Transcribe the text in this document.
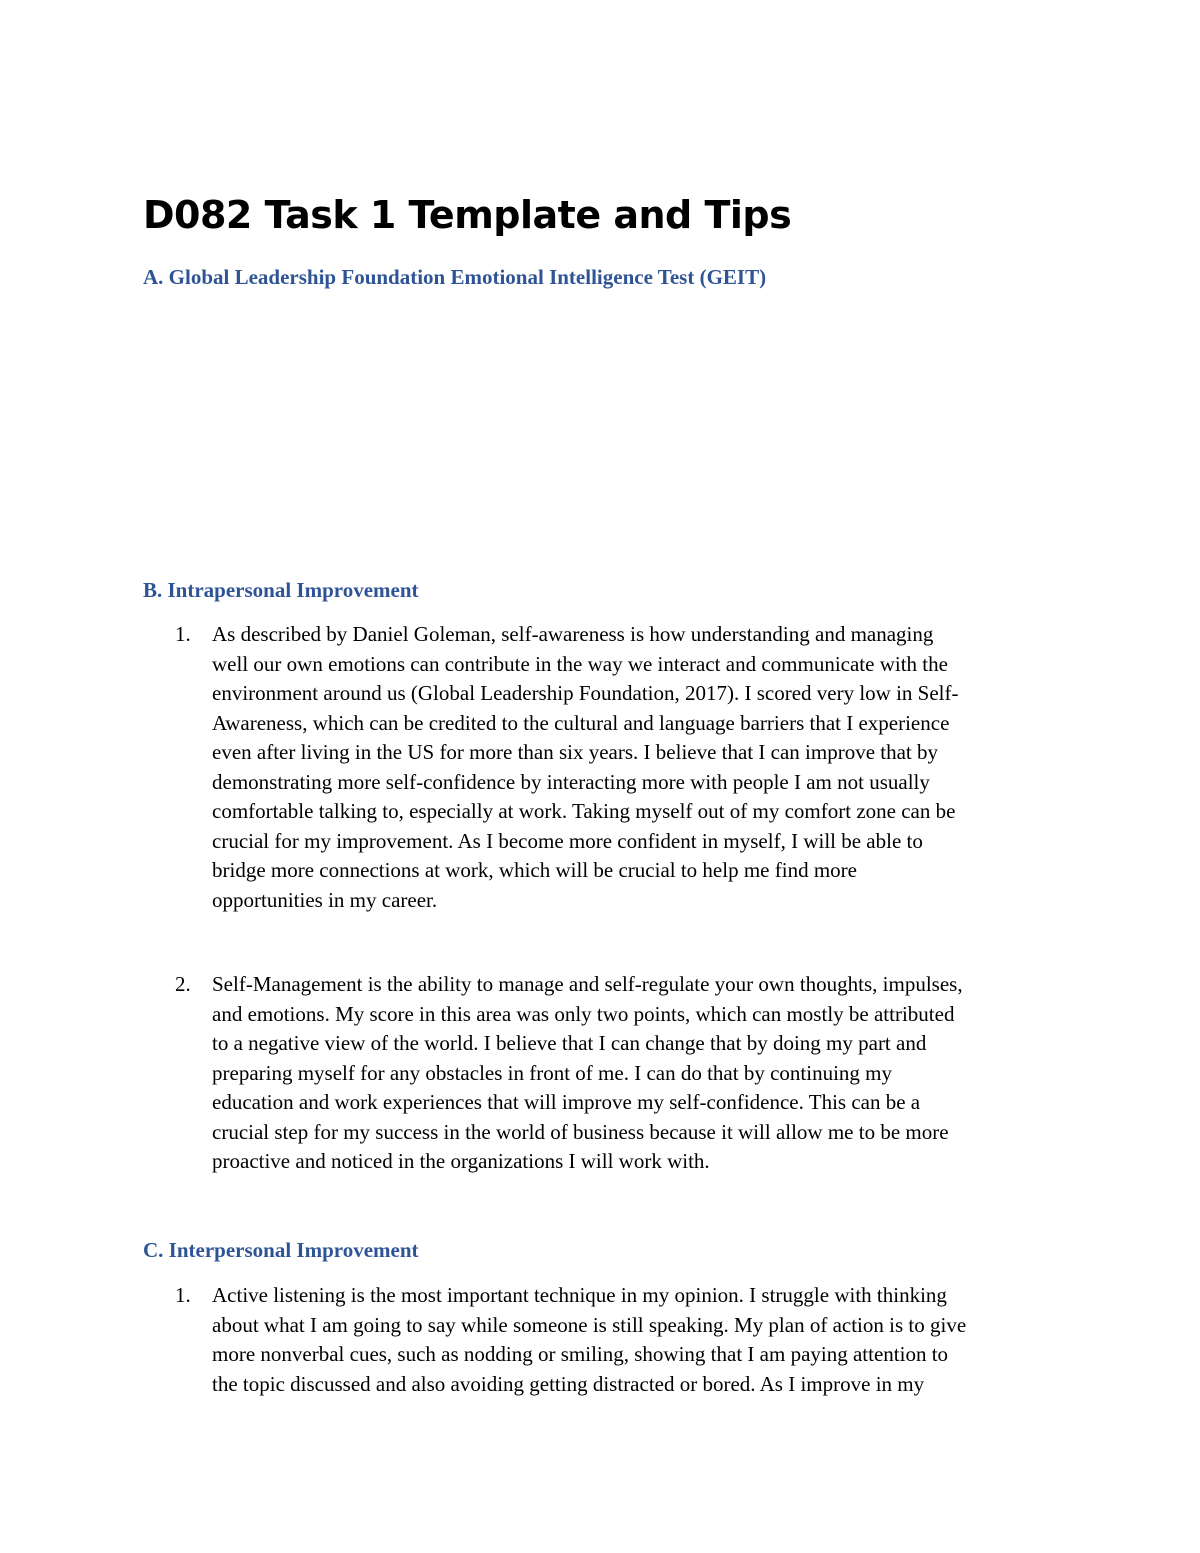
D082 Task 1 Template and Tips
A. Global Leadership Foundation Emotional Intelligence Test (GEIT)
B. Intrapersonal Improvement
1. As described by Daniel Goleman, self-awareness is how understanding and managing
well our own emotions can contribute in the way we interact and communicate with the
environment around us (Global Leadership Foundation, 2017). I scored very low in Self-
Awareness, which can be credited to the cultural and language barriers that I experience
even after living in the US for more than six years. I believe that I can improve that by
demonstrating more self-confidence by interacting more with people I am not usually
comfortable talking to, especially at work. Taking myself out of my comfort zone can be
crucial for my improvement. As I become more confident in myself, I will be able to
bridge more connections at work, which will be crucial to help me find more
opportunities in my career.

2. Self-Management is the ability to manage and self-regulate your own thoughts, impulses,
and emotions. My score in this area was only two points, which can mostly be attributed
to a negative view of the world. I believe that I can change that by doing my part and
preparing myself for any obstacles in front of me. I can do that by continuing my
education and work experiences that will improve my self-confidence. This can be a
crucial step for my success in the world of business because it will allow me to be more
proactive and noticed in the organizations I will work with.

C. Interpersonal Improvement
1. Active listening is the most important technique in my opinion. I struggle with thinking
about what I am going to say while someone is still speaking. My plan of action is to give
more nonverbal cues, such as nodding or smiling, showing that I am paying attention to
the topic discussed and also avoiding getting distracted or bored. As I improve in my
